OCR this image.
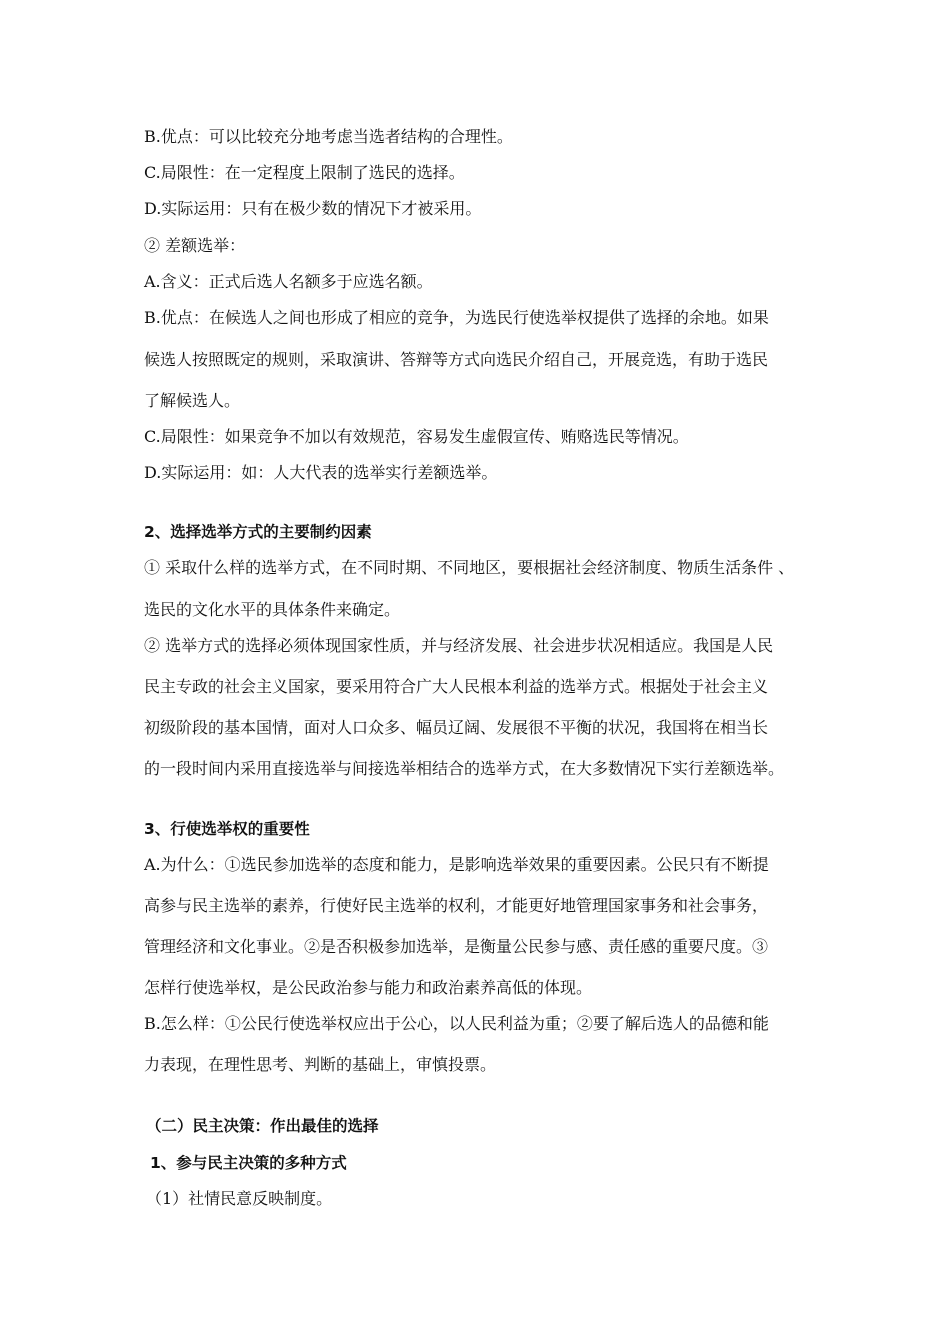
B.优点：可以比较充分地考虑当选者结构的合理性。
C.局限性：在一定程度上限制了选民的选择。
D.实际运用：只有在极少数的情况下才被采用。
② 差额选举：
A.含义：正式后选人名额多于应选名额。
B.优点：在候选人之间也形成了相应的竞争，为选民行使选举权提供了选择的余地。如果
候选人按照既定的规则，采取演讲、答辩等方式向选民介绍自己，开展竞选，有助于选民
了解候选人。
C.局限性：如果竞争不加以有效规范，容易发生虚假宣传、贿赂选民等情况。
D.实际运用：如：人大代表的选举实行差额选举。
2、选择选举方式的主要制约因素
① 采取什么样的选举方式，在不同时期、不同地区，要根据社会经济制度、物质生活条件 、
选民的文化水平的具体条件来确定。
② 选举方式的选择必须体现国家性质，并与经济发展、社会进步状况相适应。我国是人民
民主专政的社会主义国家，要采用符合广大人民根本利益的选举方式。根据处于社会主义
初级阶段的基本国情，面对人口众多、幅员辽阔、发展很不平衡的状况，我国将在相当长
的一段时间内采用直接选举与间接选举相结合的选举方式，在大多数情况下实行差额选举。
3、行使选举权的重要性
A.为什么：①选民参加选举的态度和能力，是影响选举效果的重要因素。公民只有不断提
高参与民主选举的素养，行使好民主选举的权利，才能更好地管理国家事务和社会事务，
管理经济和文化事业。②是否积极参加选举，是衡量公民参与感、责任感的重要尺度。③
怎样行使选举权，是公民政治参与能力和政治素养高低的体现。
B.怎么样：①公民行使选举权应出于公心，以人民利益为重；②要了解后选人的品德和能
力表现，在理性思考、判断的基础上，审慎投票。
（二）民主决策：作出最佳的选择
1、参与民主决策的多种方式
（1）社情民意反映制度。
